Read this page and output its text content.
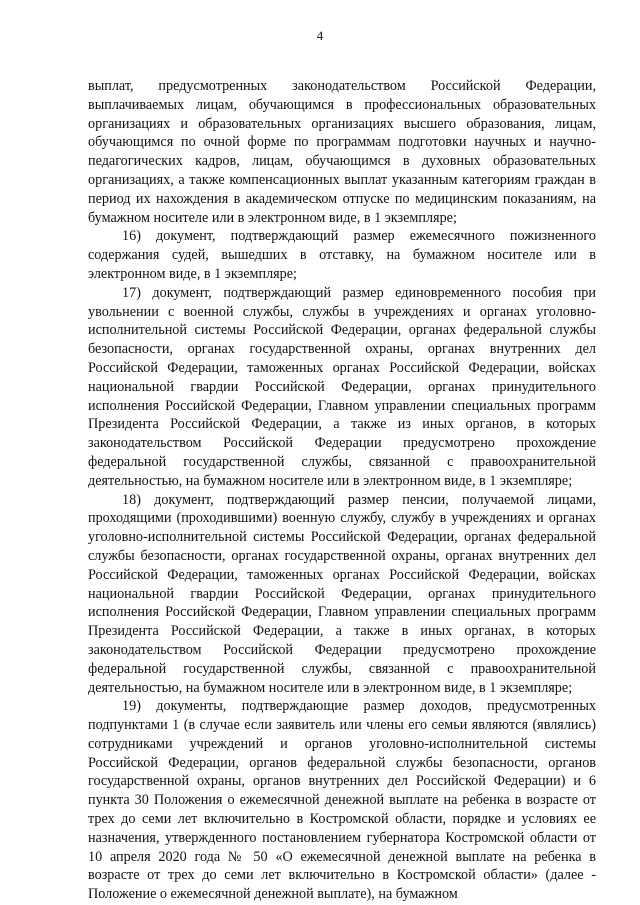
4

выплат, предусмотренных законодательством Российской Федерации, выплачиваемых лицам, обучающимся в профессиональных образовательных организациях и образовательных организациях высшего образования, лицам, обучающимся по очной форме по программам подготовки научных и научно-педагогических кадров, лицам, обучающимся в духовных образовательных организациях, а также компенсационных выплат указанным категориям граждан в период их нахождения в академическом отпуске по медицинским показаниям, на бумажном носителе или в электронном виде, в 1 экземпляре;

16) документ, подтверждающий размер ежемесячного пожизненного содержания судей, вышедших в отставку, на бумажном носителе или в электронном виде, в 1 экземпляре;

17) документ, подтверждающий размер единовременного пособия при увольнении с военной службы, службы в учреждениях и органах уголовно-исполнительной системы Российской Федерации, органах федеральной службы безопасности, органах государственной охраны, органах внутренних дел Российской Федерации, таможенных органах Российской Федерации, войсках национальной гвардии Российской Федерации, органах принудительного исполнения Российской Федерации, Главном управлении специальных программ Президента Российской Федерации, а также из иных органов, в которых законодательством Российской Федерации предусмотрено прохождение федеральной государственной службы, связанной с правоохранительной деятельностью, на бумажном носителе или в электронном виде, в 1 экземпляре;

18) документ, подтверждающий размер пенсии, получаемой лицами, проходящими (проходившими) военную службу, службу в учреждениях и органах уголовно-исполнительной системы Российской Федерации, органах федеральной службы безопасности, органах государственной охраны, органах внутренних дел Российской Федерации, таможенных органах Российской Федерации, войсках национальной гвардии Российской Федерации, органах принудительного исполнения Российской Федерации, Главном управлении специальных программ Президента Российской Федерации, а также в иных органах, в которых законодательством Российской Федерации предусмотрено прохождение федеральной государственной службы, связанной с правоохранительной деятельностью, на бумажном носителе или в электронном виде, в 1 экземпляре;

19) документы, подтверждающие размер доходов, предусмотренных подпунктами 1 (в случае если заявитель или члены его семьи являются (являлись) сотрудниками учреждений и органов уголовно-исполнительной системы Российской Федерации, органов федеральной службы безопасности, органов государственной охраны, органов внутренних дел Российской Федерации) и 6 пункта 30 Положения о ежемесячной денежной выплате на ребенка в возрасте от трех до семи лет включительно в Костромской области, порядке и условиях ее назначения, утвержденного постановлением губернатора Костромской области от 10 апреля 2020 года № 50 «О ежемесячной денежной выплате на ребенка в возрасте от трех до семи лет включительно в Костромской области» (далее - Положение о ежемесячной денежной выплате), на бумажном
